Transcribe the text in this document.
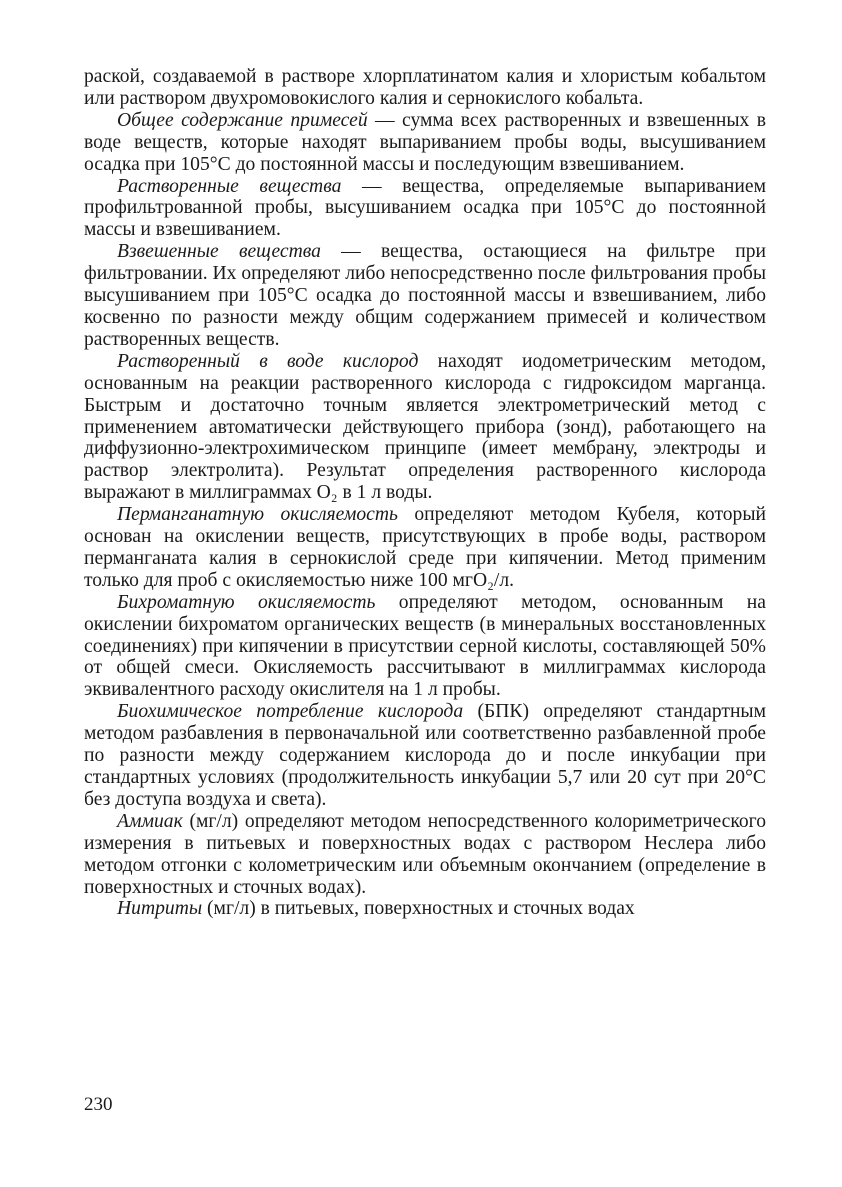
раской, создаваемой в растворе хлорплатинатом калия и хлористым кобальтом или раствором двухромовокислого калия и сернокислого кобальта.

Общее содержание примесей — сумма всех растворенных и взвешенных в воде веществ, которые находят выпариванием пробы воды, высушиванием осадка при 105°С до постоянной массы и последующим взвешиванием.

Растворенные вещества — вещества, определяемые выпариванием профильтрованной пробы, высушиванием осадка при 105°С до постоянной массы и взвешиванием.

Взвешенные вещества — вещества, остающиеся на фильтре при фильтровании. Их определяют либо непосредственно после фильтрования пробы высушиванием при 105°С осадка до постоянной массы и взвешиванием, либо косвенно по разности между общим содержанием примесей и количеством растворенных веществ.

Растворенный в воде кислород находят иодометрическим методом, основанным на реакции растворенного кислорода с гидроксидом марганца. Быстрым и достаточно точным является электрометрический метод с применением автоматически действующего прибора (зонд), работающего на диффузионно-электрохимическом принципе (имеет мембрану, электроды и раствор электролита). Результат определения растворенного кислорода выражают в миллиграммах О₂ в 1 л воды.

Перманганатную окисляемость определяют методом Кубеля, который основан на окислении веществ, присутствующих в пробе воды, раствором перманганата калия в сернокислой среде при кипячении. Метод применим только для проб с окисляемостью ниже 100 мгО₂/л.

Бихроматную окисляемость определяют методом, основанным на окислении бихроматом органических веществ (в минеральных восстановленных соединениях) при кипячении в присутствии серной кислоты, составляющей 50% от общей смеси. Окисляемость рассчитывают в миллиграммах кислорода эквивалентного расходу окислителя на 1 л пробы.

Биохимическое потребление кислорода (БПК) определяют стандартным методом разбавления в первоначальной или соответственно разбавленной пробе по разности между содержанием кислорода до и после инкубации при стандартных условиях (продолжительность инкубации 5,7 или 20 сут при 20°С без доступа воздуха и света).

Аммиак (мг/л) определяют методом непосредственного колориметрического измерения в питьевых и поверхностных водах с раствором Неслера либо методом отгонки с колометрическим или объемным окончанием (определение в поверхностных и сточных водах).

Нитриты (мг/л) в питьевых, поверхностных и сточных водах

230
